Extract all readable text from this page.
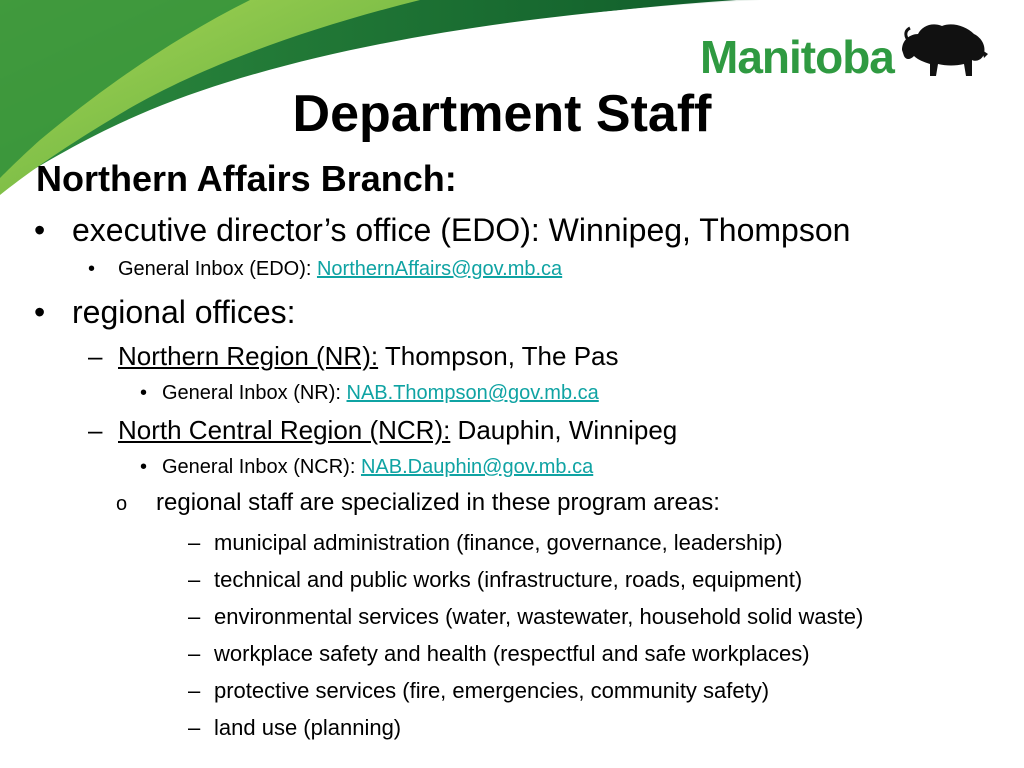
Manitoba
Department Staff
Northern Affairs Branch:
• executive director’s office (EDO): Winnipeg, Thompson
• General Inbox (EDO): NorthernAffairs@gov.mb.ca
• regional offices:
– Northern Region (NR): Thompson, The Pas
• General Inbox (NR): NAB.Thompson@gov.mb.ca
– North Central Region (NCR): Dauphin, Winnipeg
• General Inbox (NCR): NAB.Dauphin@gov.mb.ca
o regional staff are specialized in these program areas:
– municipal administration (finance, governance, leadership)
– technical and public works (infrastructure, roads, equipment)
– environmental services (water, wastewater, household solid waste)
– workplace safety and health (respectful and safe workplaces)
– protective services (fire, emergencies, community safety)
– land use (planning)
